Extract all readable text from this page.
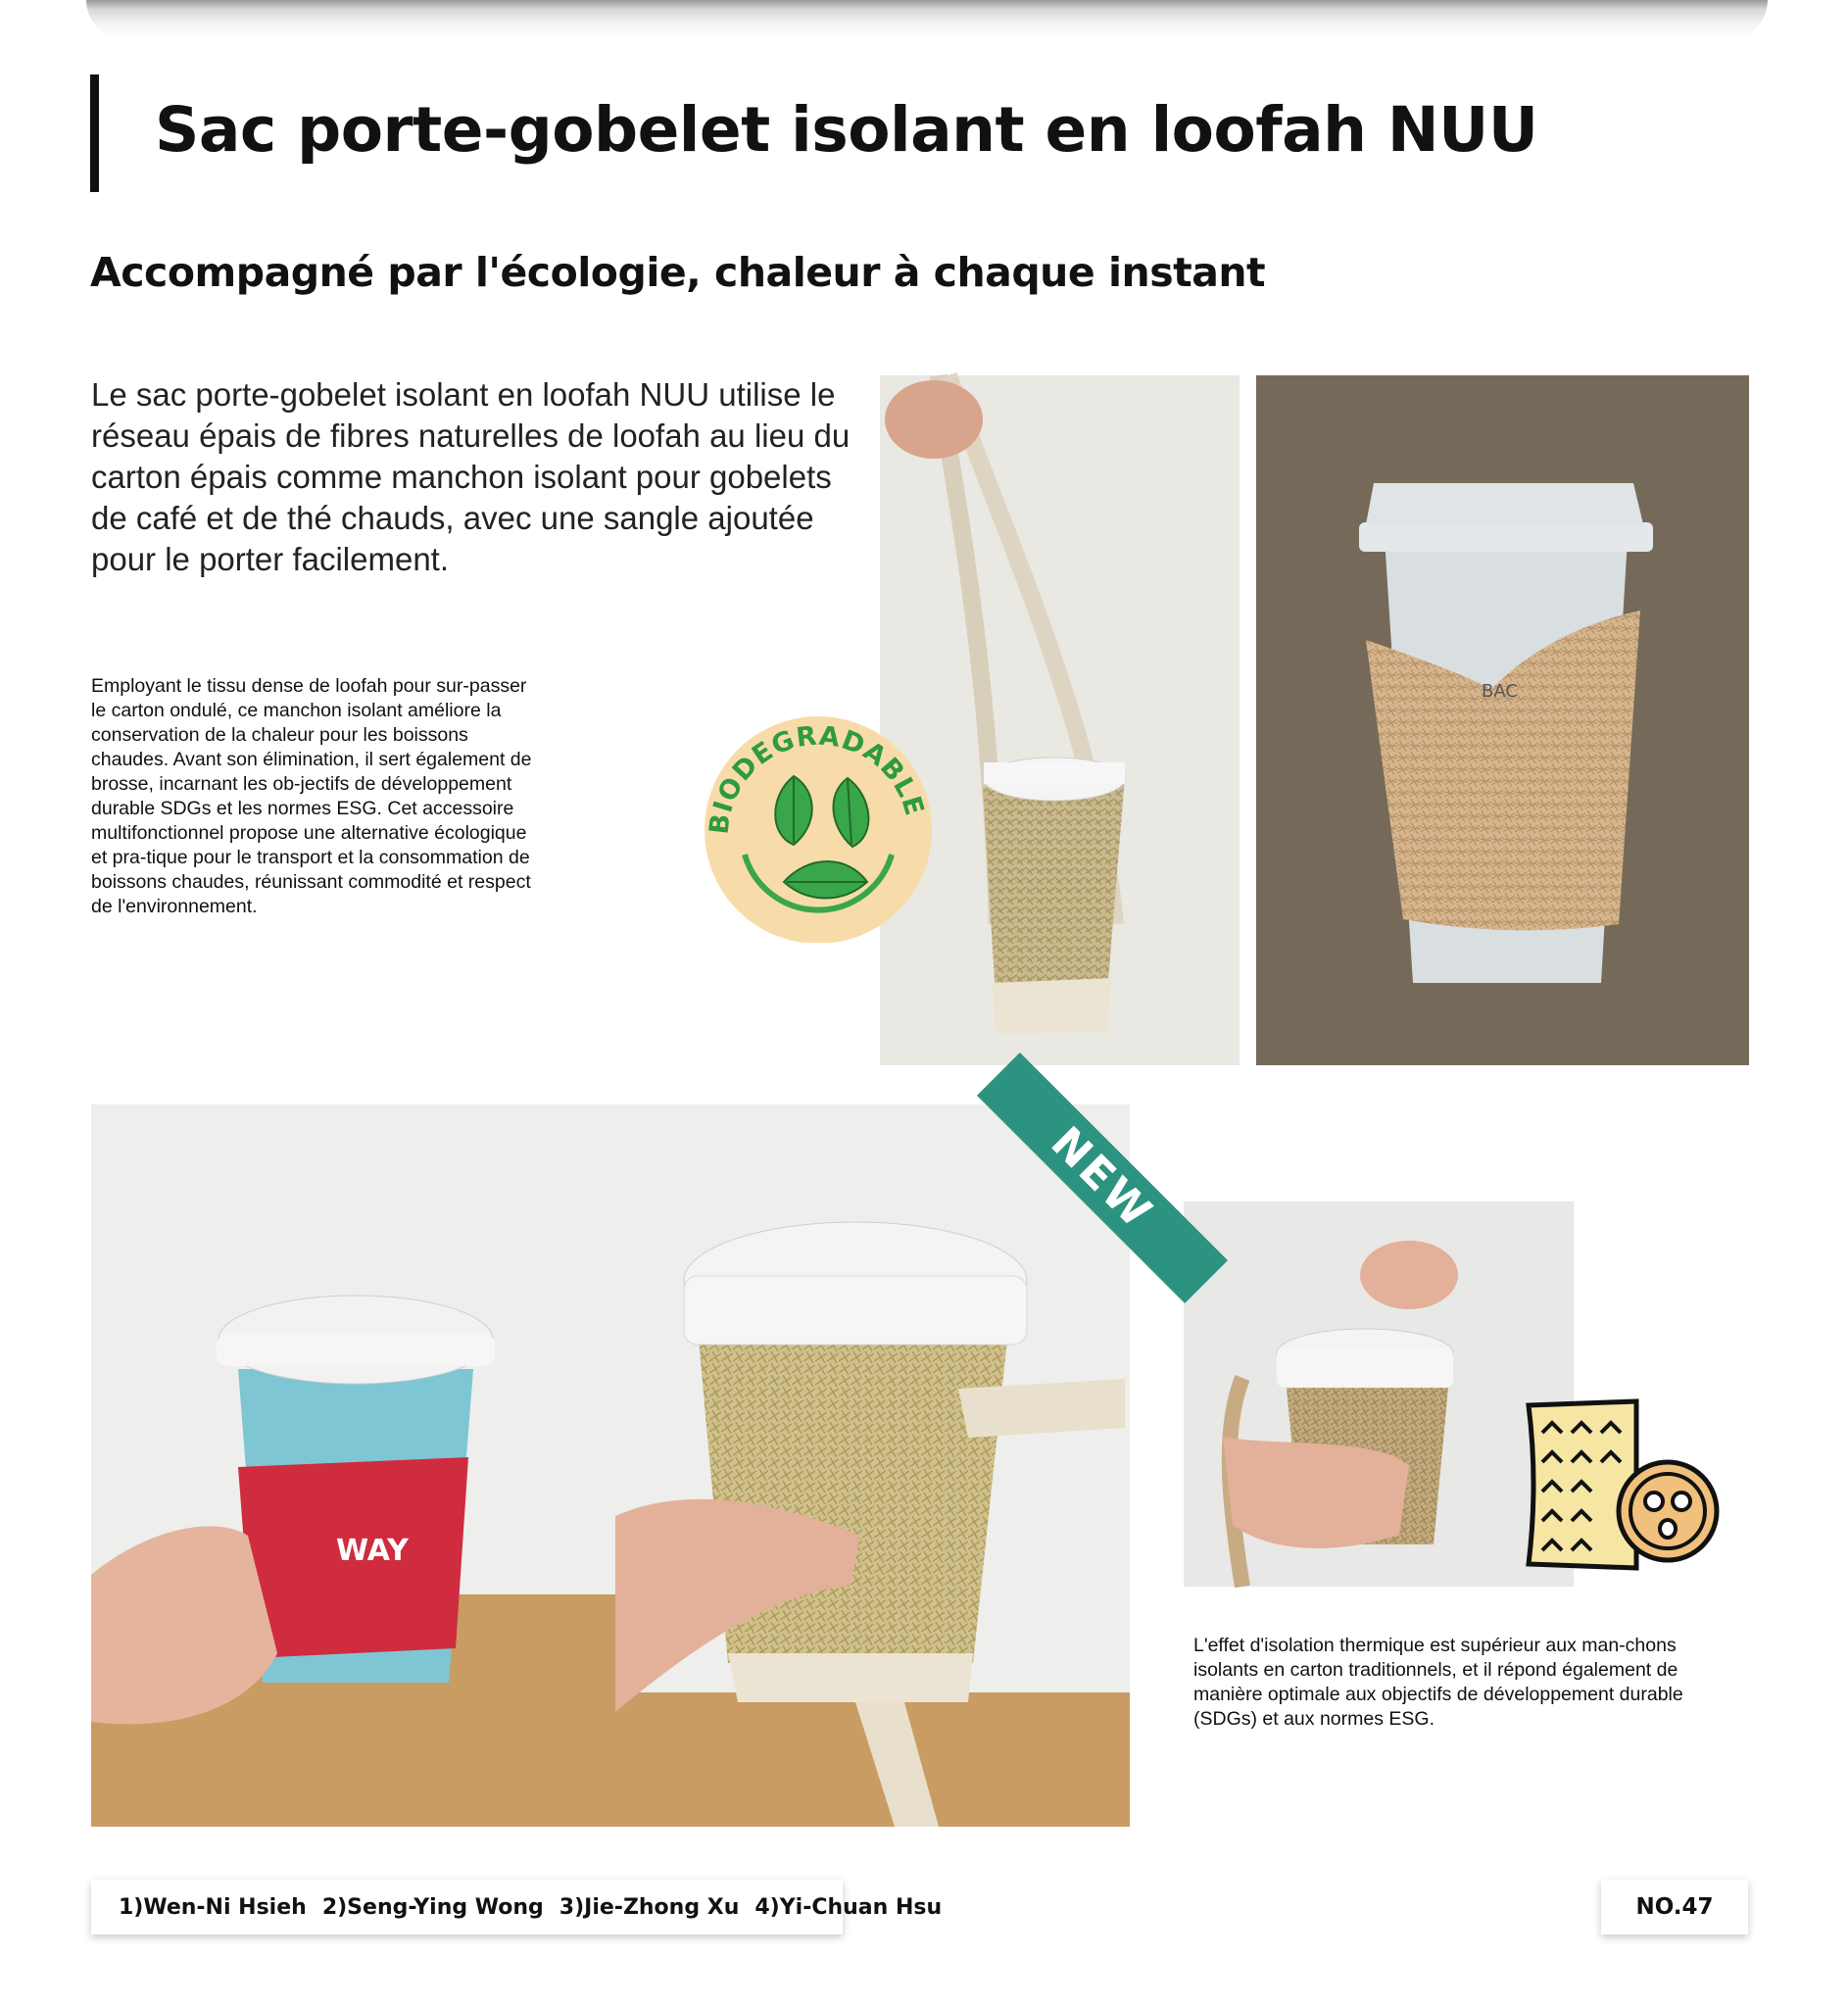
Sac porte-gobelet isolant en loofah NUU
Accompagné par l'écologie, chaleur à chaque instant

Le sac porte-gobelet isolant en loofah NUU utilise le réseau épais de fibres naturelles de loofah au lieu du carton épais comme manchon isolant pour gobelets de café et de thé chauds, avec une sangle ajoutée pour le porter facilement.

Employant le tissu dense de loofah pour sur-passer le carton ondulé, ce manchon isolant améliore la conservation de la chaleur pour les boissons chaudes. Avant son élimination, il sert également de brosse, incarnant les ob-jectifs de développement durable SDGs et les normes ESG. Cet accessoire multifonctionnel propose une alternative écologique et pra-tique pour le transport et la consommation de boissons chaudes, réunissant commodité et respect de l'environnement.

BAC
WAY
BIODEGRADABLE
NEW

L'effet d'isolation thermique est supérieur aux man-chons isolants en carton traditionnels, et il répond également de manière optimale aux objectifs de développement durable (SDGs) et aux normes ESG.

1)Wen-Ni Hsieh 2)Seng-Ying Wong 3)Jie-Zhong Xu 4)Yi-Chuan Hsu	NO.47
